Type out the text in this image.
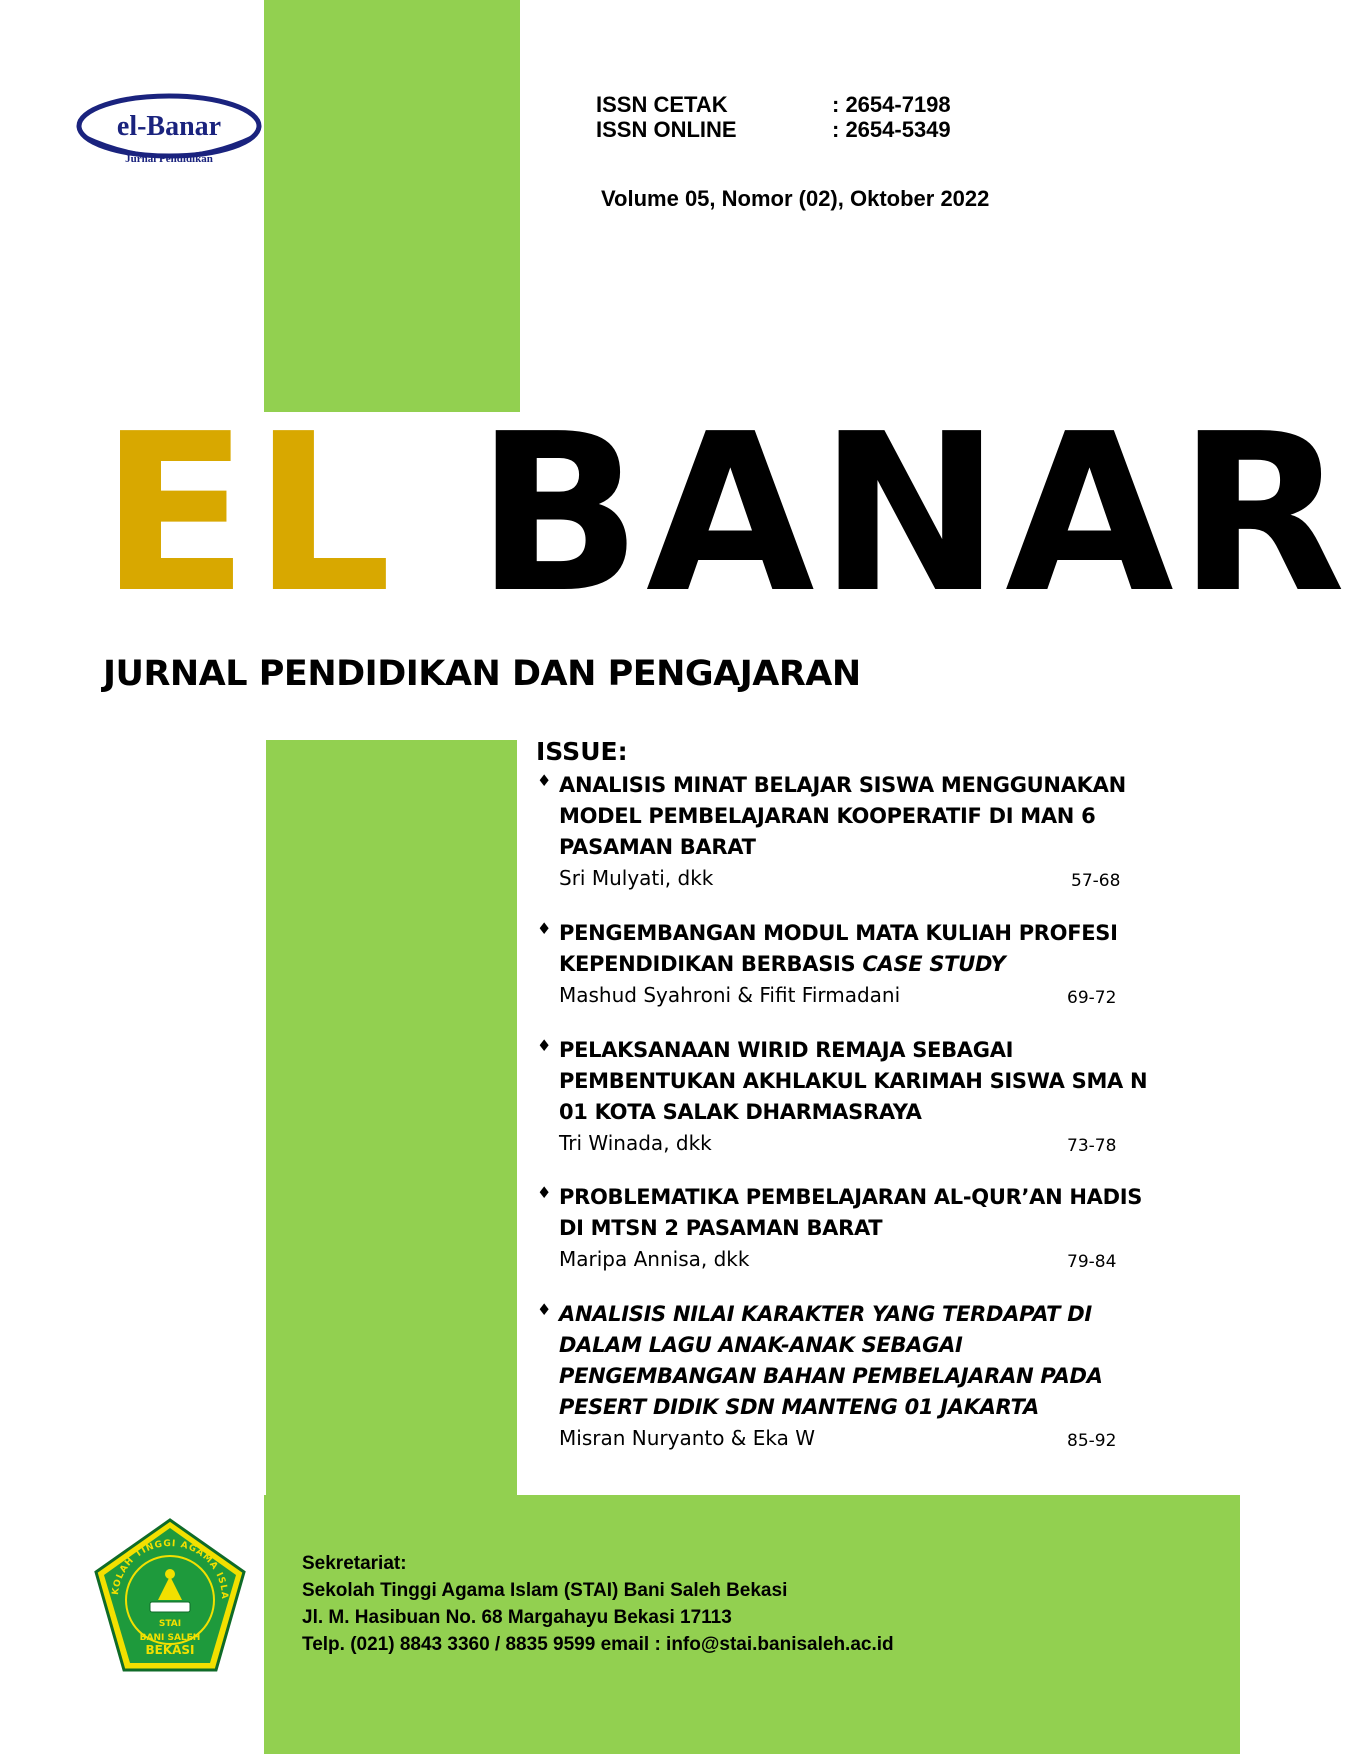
el-Banar
Jurnal Pendidikan
ISSN CETAK	: 2654-7198
ISSN ONLINE	: 2654-5349
Volume 05, Nomor (02), Oktober 2022
EL BANAR
JURNAL PENDIDIKAN DAN PENGAJARAN
ISSUE:
♦ ANALISIS MINAT BELAJAR SISWA MENGGUNAKAN MODEL PEMBELAJARAN KOOPERATIF DI MAN 6 PASAMAN BARAT
Sri Mulyati, dkk	57-68
♦ PENGEMBANGAN MODUL MATA KULIAH PROFESI KEPENDIDIKAN BERBASIS CASE STUDY
Mashud Syahroni & Fifit Firmadani	69-72
♦ PELAKSANAAN WIRID REMAJA SEBAGAI PEMBENTUKAN AKHLAKUL KARIMAH SISWA SMA N 01 KOTA SALAK DHARMASRAYA
Tri Winada, dkk	73-78
♦ PROBLEMATIKA PEMBELAJARAN AL-QUR’AN HADIS DI MTSN 2 PASAMAN BARAT
Maripa Annisa, dkk	79-84
♦ ANALISIS NILAI KARAKTER YANG TERDAPAT DI DALAM LAGU ANAK-ANAK SEBAGAI PENGEMBANGAN BAHAN PEMBELAJARAN PADA PESERT DIDIK SDN MANTENG 01 JAKARTA
Misran Nuryanto & Eka W	85-92
KOLAH TINGGI AGAMA ISLA
STAI
BANI SALEH
BEKASI
Sekretariat:
Sekolah Tinggi Agama Islam (STAI) Bani Saleh Bekasi
Jl. M. Hasibuan No. 68 Margahayu Bekasi 17113
Telp. (021) 8843 3360 / 8835 9599 email : info@stai.banisaleh.ac.id
